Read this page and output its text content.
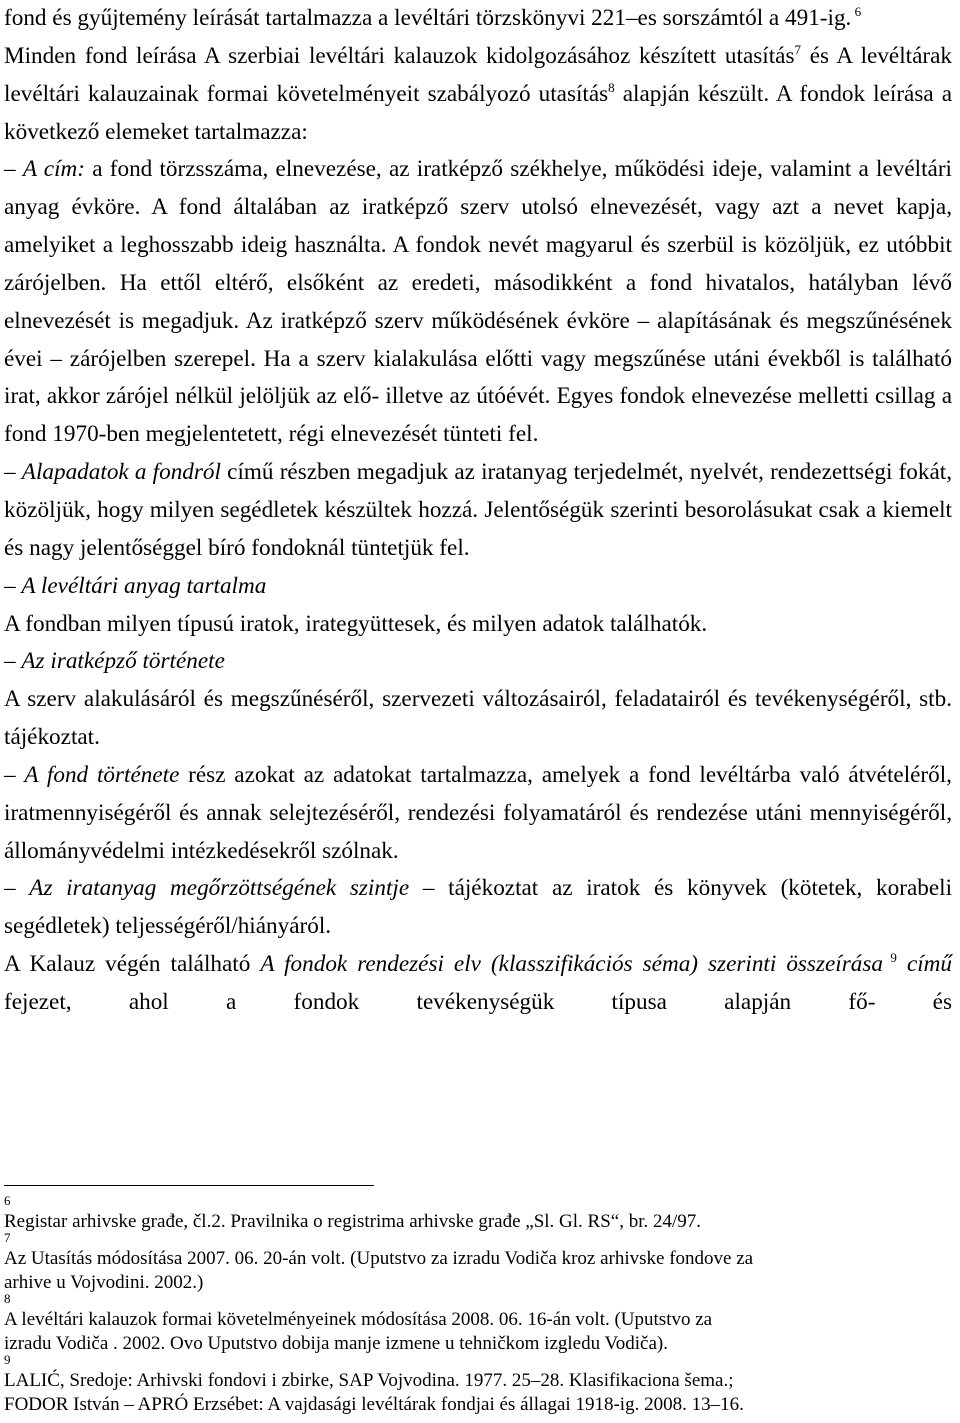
fond és gyűjtemény leírását tartalmazza a levéltári törzskönyvi 221–es sorszámtól a 491-ig. $^6$

Minden fond leírása A szerbiai levéltári kalauzok kidolgozásához készített utasítás$^7$ és A levéltárak levéltári kalauzainak formai követelményeit szabályozó utasítás$^8$ alapján készült. A fondok leírása a következő elemeket tartalmazza:

– A cím: a fond törzsszáma, elnevezése, az iratképző székhelye, működési ideje, valamint a levéltári anyag évköre. A fond általában az iratképző szerv utolsó elnevezését, vagy azt a nevet kapja, amelyiket a leghosszabb ideig használta. A fondok nevét magyarul és szerbül is közöljük, ez utóbbit zárójelben. Ha ettől eltérő, elsőként az eredeti, másodikként a fond hivatalos, hatályban lévő elnevezését is megadjuk. Az iratképző szerv működésének évköre – alapításának és megszűnésének évei – zárójelben szerepel. Ha a szerv kialakulása előtti vagy megszűnése utáni évekből is található irat, akkor zárójel nélkül jelöljük az elő- illetve az útóévét. Egyes fondok elnevezése melletti csillag a fond 1970-ben megjelentetett, régi elnevezését tünteti fel.

– Alapadatok a fondról című részben megadjuk az iratanyag terjedelmét, nyelvét, rendezettségi fokát, közöljük, hogy milyen segédletek készültek hozzá. Jelentőségük szerinti besorolásukat csak a kiemelt és nagy jelentőséggel bíró fondoknál tüntetjük fel.

– A levéltári anyag tartalma

A fondban milyen típusú iratok, irategyüttesek, és milyen adatok találhatók.

– Az iratképző története

A szerv alakulásáról és megszűnéséről, szervezeti változásairól, feladatairól és tevékenységéről, stb. tájékoztat.

– A fond története rész azokat az adatokat tartalmazza, amelyek a fond levéltárba való átvételéről, iratmennyiségéről és annak selejtezéséről, rendezési folyamatáról és rendezése utáni mennyiségéről, állományvédelmi intézkedésekről szólnak.

– Az iratanyag megőrzöttségének szintje – tájékoztat az iratok és könyvek (kötetek, korabeli segédletek) teljességéről/hiányáról.

A Kalauz végén található A fondok rendezési elv (klasszifikációs séma) szerinti összeírása $^9$ című fejezet, ahol a fondok tevékenységük típusa alapján fő- és

6
Registar arhivske građe, čl.2. Pravilnika o registrima arhivske građe „Sl. Gl. RS“, br. 24/97.
7
Az Utasítás módosítása 2007. 06. 20-án volt. (Uputstvo za izradu Vodiča kroz arhivske fondove za
arhive u Vojvodini. 2002.)
8
A levéltári kalauzok formai követelményeinek módosítása 2008. 06. 16-án volt. (Uputstvo za
izradu Vodiča . 2002. Ovo Uputstvo dobija manje izmene u tehničkom izgledu Vodiča).
9
LALIĆ, Sredoje: Arhivski fondovi i zbirke, SAP Vojvodina. 1977. 25–28. Klasifikaciona šema.;
FODOR István – APRÓ Erzsébet: A vajdasági levéltárak fondjai és állagai 1918-ig. 2008. 13–16.
